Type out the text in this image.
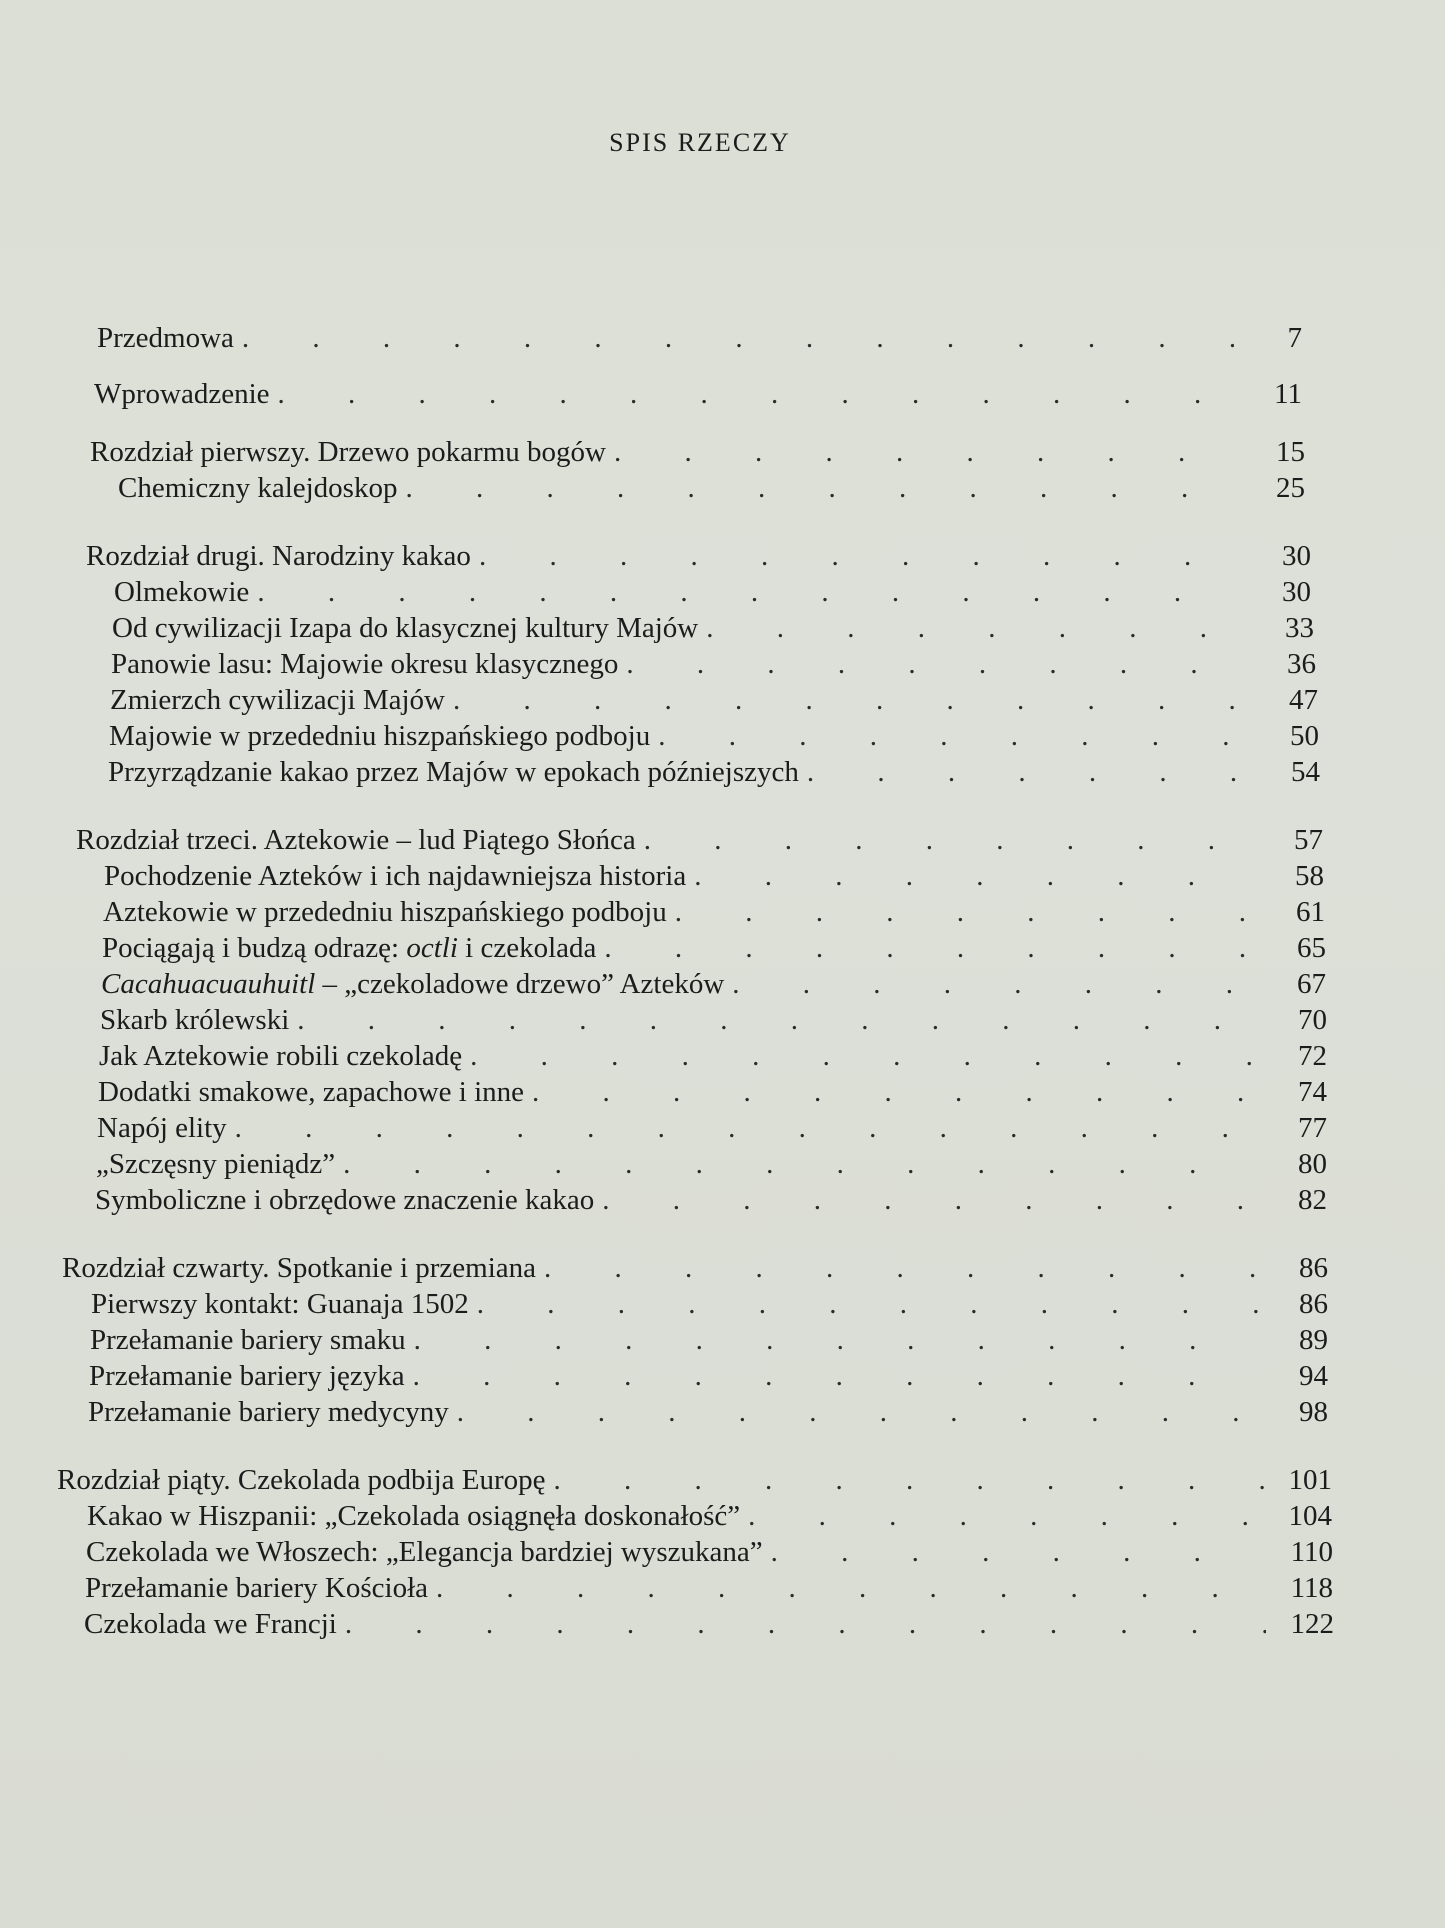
SPIS RZECZY
Przedmowa . . .	7
Wprowadzenie . . .	11
Rozdział pierwszy. Drzewo pokarmu bogów . . .	15
Chemiczny kalejdoskop . . .	25
Rozdział drugi. Narodziny kakao . . .	30
Olmekowie . . .	30
Od cywilizacji Izapa do klasycznej kultury Majów . . .	33
Panowie lasu: Majowie okresu klasycznego . . .	36
Zmierzch cywilizacji Majów . . .	47
Majowie w przededniu hiszpańskiego podboju . . .	50
Przyrządzanie kakao przez Majów w epokach późniejszych . . .	54
Rozdział trzeci. Aztekowie – lud Piątego Słońca . . .	57
Pochodzenie Azteków i ich najdawniejsza historia . . .	58
Aztekowie w przededniu hiszpańskiego podboju . . .	61
Pociągają i budzą odrazę: octli i czekolada . . .	65
Cacahuacuauhuitl – „czekoladowe drzewo” Azteków . . .	67
Skarb królewski . . .	70
Jak Aztekowie robili czekoladę . . .	72
Dodatki smakowe, zapachowe i inne . . .	74
Napój elity . . .	77
„Szczęsny pieniądz” . . .	80
Symboliczne i obrzędowe znaczenie kakao . . .	82
Rozdział czwarty. Spotkanie i przemiana . . .	86
Pierwszy kontakt: Guanaja 1502 . . .	86
Przełamanie bariery smaku . . .	89
Przełamanie bariery języka . . .	94
Przełamanie bariery medycyny . . .	98
Rozdział piąty. Czekolada podbija Europę . . .	101
Kakao w Hiszpanii: „Czekolada osiągnęła doskonałość” . . .	104
Czekolada we Włoszech: „Elegancja bardziej wyszukana” . . .	110
Przełamanie bariery Kościoła . . .	118
Czekolada we Francji . . .	122
